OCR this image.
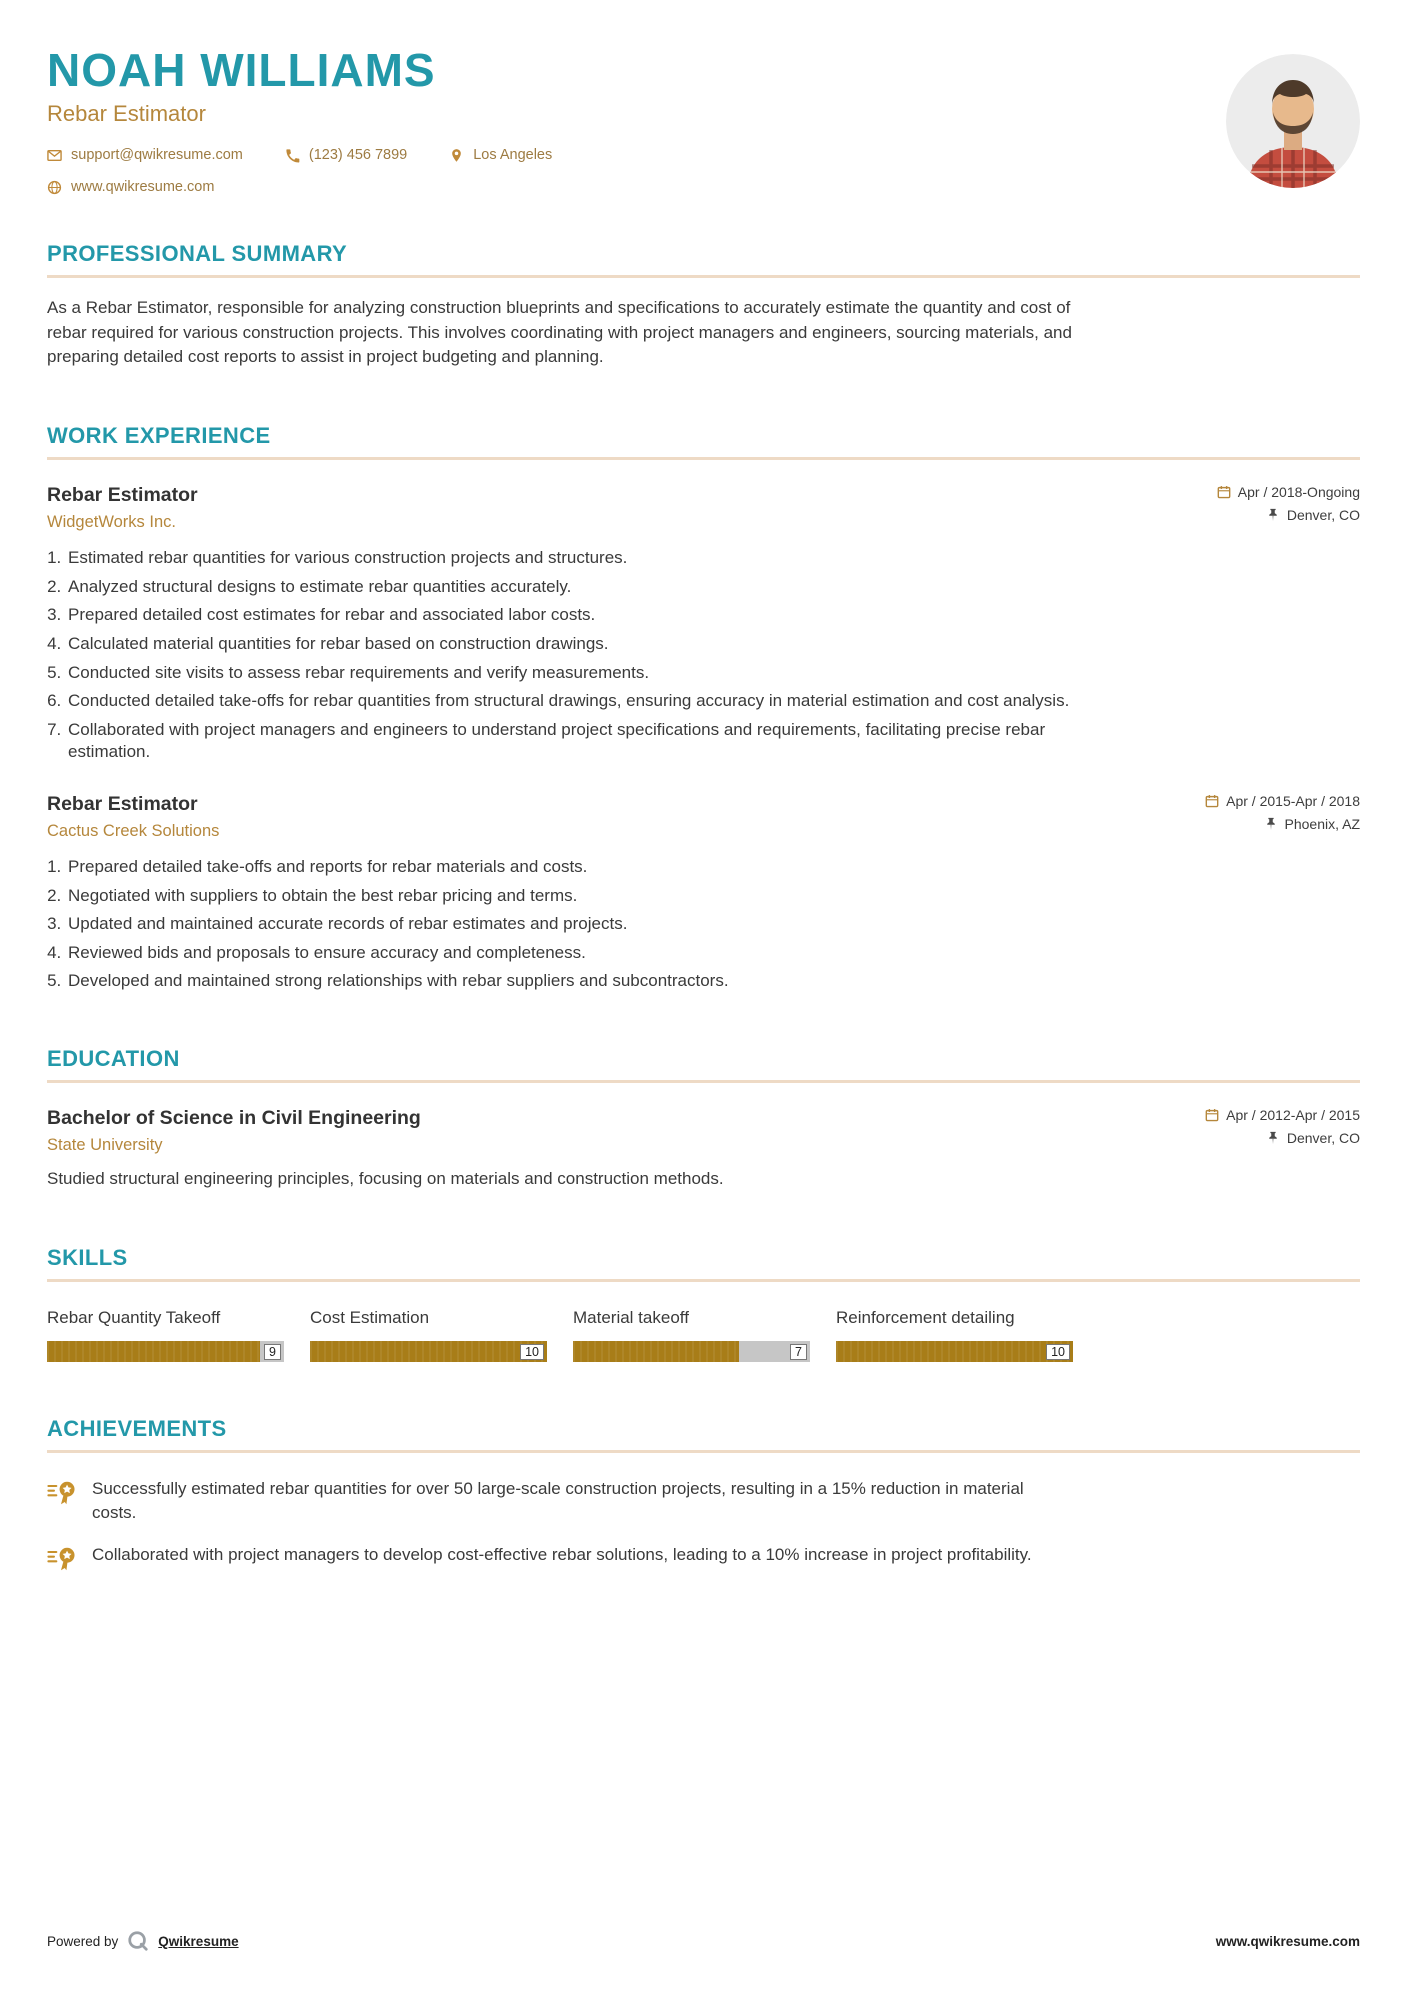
NOAH WILLIAMS
Rebar Estimator
support@qwikresume.com	(123) 456 7899	Los Angeles
www.qwikresume.com
PROFESSIONAL SUMMARY

As a Rebar Estimator, responsible for analyzing construction blueprints and specifications to accurately estimate the quantity and cost of rebar required for various construction projects. This involves coordinating with project managers and engineers, sourcing materials, and preparing detailed cost reports to assist in project budgeting and planning.

WORK EXPERIENCE
Rebar Estimator
WidgetWorks Inc.
Apr / 2018-Ongoing
Denver, CO
1. Estimated rebar quantities for various construction projects and structures.
2. Analyzed structural designs to estimate rebar quantities accurately.
3. Prepared detailed cost estimates for rebar and associated labor costs.
4. Calculated material quantities for rebar based on construction drawings.
5. Conducted site visits to assess rebar requirements and verify measurements.
6. Conducted detailed take-offs for rebar quantities from structural drawings, ensuring accuracy in material estimation and cost analysis.
7. Collaborated with project managers and engineers to understand project specifications and requirements, facilitating precise rebar estimation.
Rebar Estimator
Cactus Creek Solutions
Apr / 2015-Apr / 2018
Phoenix, AZ
1. Prepared detailed take-offs and reports for rebar materials and costs.
2. Negotiated with suppliers to obtain the best rebar pricing and terms.
3. Updated and maintained accurate records of rebar estimates and projects.
4. Reviewed bids and proposals to ensure accuracy and completeness.
5. Developed and maintained strong relationships with rebar suppliers and subcontractors.
EDUCATION
Bachelor of Science in Civil Engineering
State University
Apr / 2012-Apr / 2015
Denver, CO

Studied structural engineering principles, focusing on materials and construction methods.

SKILLS
Rebar Quantity Takeoff
9
Cost Estimation
10
Material takeoff
7
Reinforcement detailing
10
ACHIEVEMENTS
Successfully estimated rebar quantities for over 50 large-scale construction projects, resulting in a 15% reduction in material costs.
Collaborated with project managers to develop cost-effective rebar solutions, leading to a 10% increase in project profitability.
Powered by	Qwikresume	www.qwikresume.com
